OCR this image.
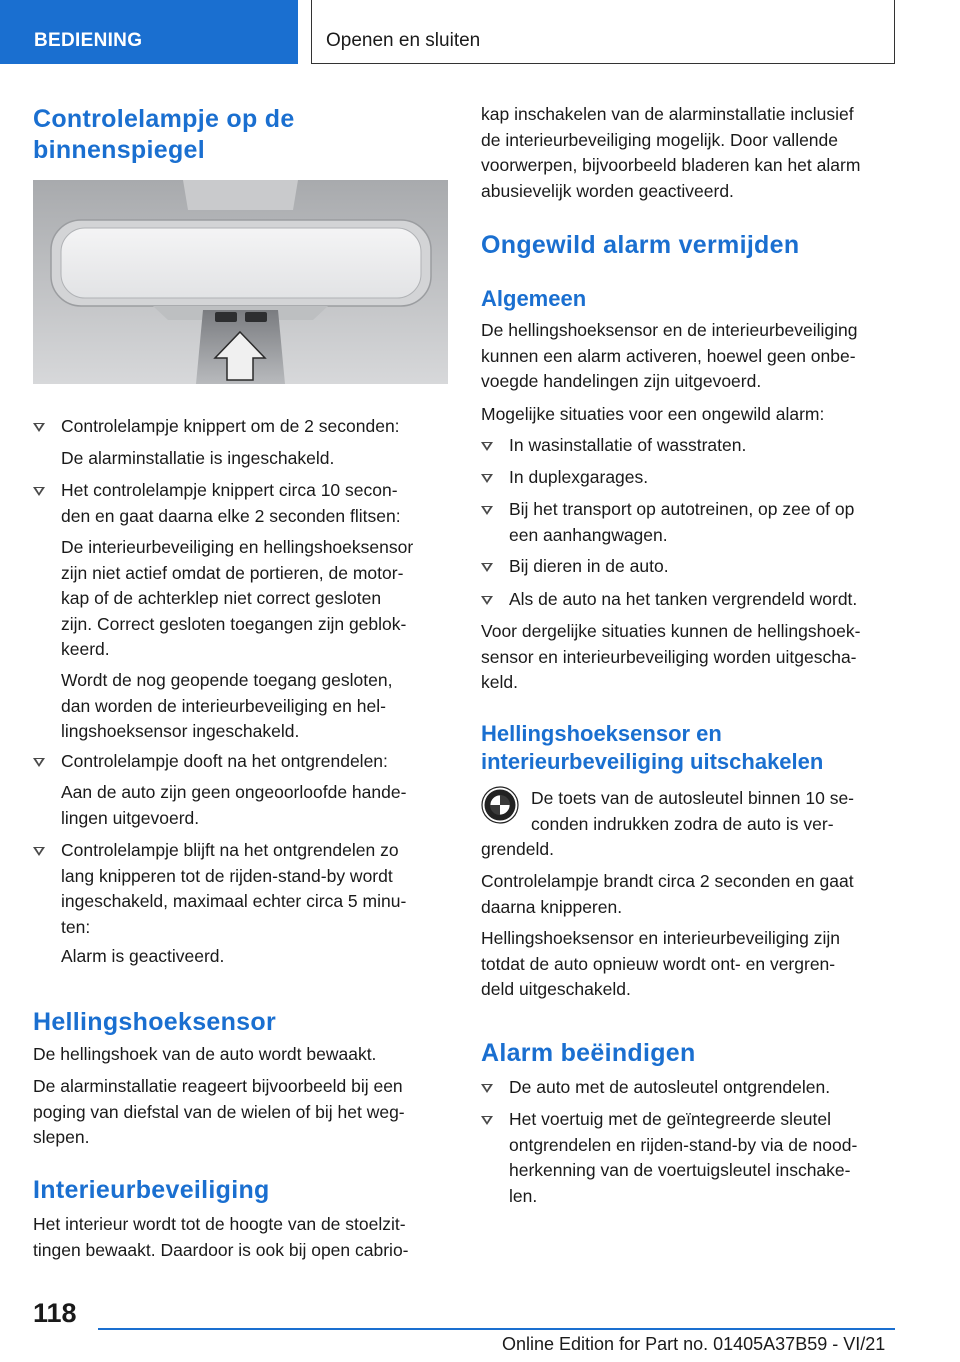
BEDIENING	Openen en sluiten
Controlelampje op de
binnenspiegel
Controlelampje knippert om de 2 seconden:
De alarminstallatie is ingeschakeld.
Het controlelampje knippert circa 10 secon-
den en gaat daarna elke 2 seconden flitsen:
De interieurbeveiliging en hellingshoeksensor
zijn niet actief omdat de portieren, de motor-
kap of de achterklep niet correct gesloten
zijn. Correct gesloten toegangen zijn geblok-
keerd.
Wordt de nog geopende toegang gesloten,
dan worden de interieurbeveiliging en hel-
lingshoeksensor ingeschakeld.
Controlelampje dooft na het ontgrendelen:
Aan de auto zijn geen ongeoorloofde hande-
lingen uitgevoerd.
Controlelampje blijft na het ontgrendelen zo
lang knipperen tot de rijden-stand-by wordt
ingeschakeld, maximaal echter circa 5 minu-
ten:
Alarm is geactiveerd.
Hellingshoeksensor
De hellingshoek van de auto wordt bewaakt.
De alarminstallatie reageert bijvoorbeeld bij een
poging van diefstal van de wielen of bij het weg-
slepen.
Interieurbeveiliging
Het interieur wordt tot de hoogte van de stoelzit-
tingen bewaakt. Daardoor is ook bij open cabrio-
kap inschakelen van de alarminstallatie inclusief
de interieurbeveiliging mogelijk. Door vallende
voorwerpen, bijvoorbeeld bladeren kan het alarm
abusievelijk worden geactiveerd.
Ongewild alarm vermijden
Algemeen
De hellingshoeksensor en de interieurbeveiliging
kunnen een alarm activeren, hoewel geen onbe-
voegde handelingen zijn uitgevoerd.
Mogelijke situaties voor een ongewild alarm:
In wasinstallatie of wasstraten.
In duplexgarages.
Bij het transport op autotreinen, op zee of op
een aanhangwagen.
Bij dieren in de auto.
Als de auto na het tanken vergrendeld wordt.
Voor dergelijke situaties kunnen de hellingshoek-
sensor en interieurbeveiliging worden uitgescha-
keld.
Hellingshoeksensor en
interieurbeveiliging uitschakelen
De toets van de autosleutel binnen 10 se-
conden indrukken zodra de auto is ver-
grendeld.
Controlelampje brandt circa 2 seconden en gaat
daarna knipperen.
Hellingshoeksensor en interieurbeveiliging zijn
totdat de auto opnieuw wordt ont- en vergren-
deld uitgeschakeld.
Alarm beëindigen
De auto met de autosleutel ontgrendelen.
Het voertuig met de geïntegreerde sleutel
ontgrendelen en rijden-stand-by via de nood-
herkenning van de voertuigsleutel inschake-
len.
118
Online Edition for Part no. 01405A37B59 - VI/21
